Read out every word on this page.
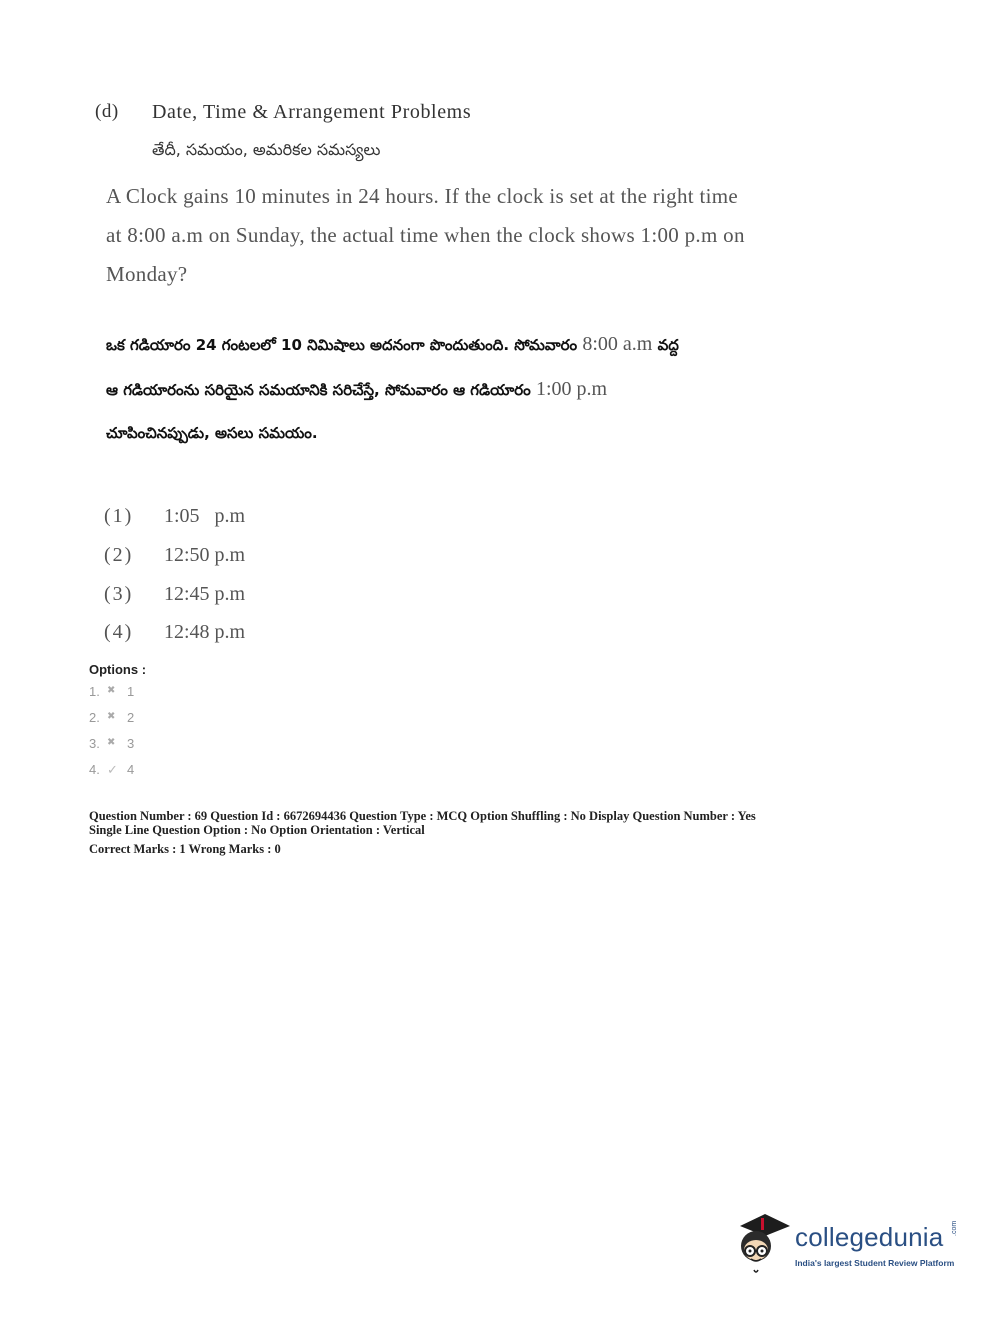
(d) Date, Time & Arrangement Problems
తేదీ, సమయం, అమరికల సమస్యలు
A Clock gains 10 minutes in 24 hours. If the clock is set at the right time
at 8:00 a.m on Sunday, the actual time when the clock shows 1:00 p.m on
Monday?
ఒక గడియారం 24 గంటలలో 10 నిమిషాలు అదనంగా పొందుతుంది. సోమవారం 8:00 a.m వద్ద
ఆ గడియారంను సరియైన సమయానికి సరిచేస్తే, సోమవారం ఆ గడియారం 1:00 p.m
చూపించినప్పుడు, అసలు సమయం.
(1) 1:05   p.m
(2) 12:50 p.m
(3) 12:45 p.m
(4) 12:48 p.m
Options :
1. ✖ 1
2. ✖ 2
3. ✖ 3
4. ✓ 4
Question Number : 69 Question Id : 6672694436 Question Type : MCQ Option Shuffling : No Display Question Number : Yes
Single Line Question Option : No Option Orientation : Vertical
Correct Marks : 1 Wrong Marks : 0
collegedunia .com
India's largest Student Review Platform
